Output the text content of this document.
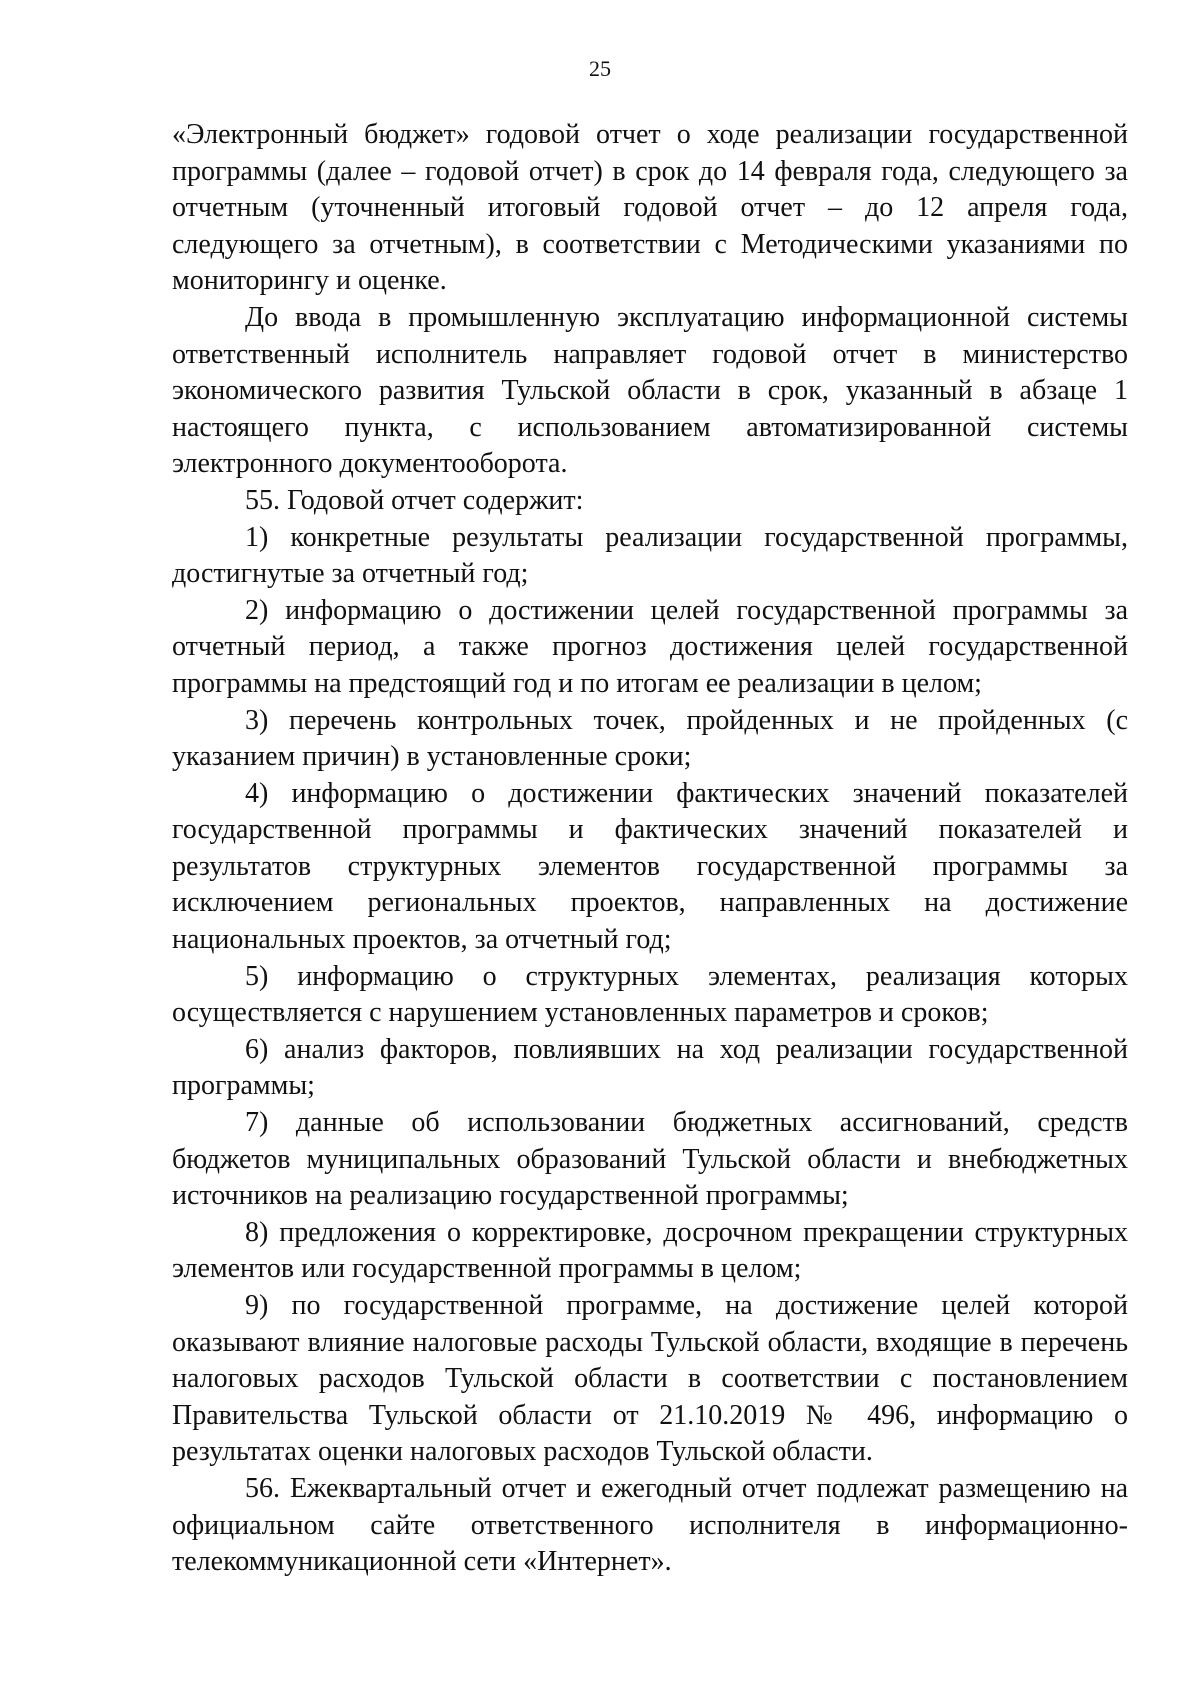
25

«Электронный бюджет» годовой отчет о ходе реализации государственной программы (далее – годовой отчет) в срок до 14 февраля года, следующего за отчетным (уточненный итоговый годовой отчет – до 12 апреля года, следующего за отчетным), в соответствии с Методическими указаниями по мониторингу и оценке.

До ввода в промышленную эксплуатацию информационной системы ответственный исполнитель направляет годовой отчет в министерство экономического развития Тульской области в срок, указанный в абзаце 1 настоящего пункта, с использованием автоматизированной системы электронного документооборота.

55. Годовой отчет содержит:

1) конкретные результаты реализации государственной программы, достигнутые за отчетный год;

2) информацию о достижении целей государственной программы за отчетный период, а также прогноз достижения целей государственной программы на предстоящий год и по итогам ее реализации в целом;

3) перечень контрольных точек, пройденных и не пройденных (с указанием причин) в установленные сроки;

4) информацию о достижении фактических значений показателей государственной программы и фактических значений показателей и результатов структурных элементов государственной программы за исключением региональных проектов, направленных на достижение национальных проектов, за отчетный год;

5) информацию о структурных элементах, реализация которых осуществляется с нарушением установленных параметров и сроков;

6) анализ факторов, повлиявших на ход реализации государственной программы;

7) данные об использовании бюджетных ассигнований, средств бюджетов муниципальных образований Тульской области и внебюджетных источников на реализацию государственной программы;

8) предложения о корректировке, досрочном прекращении структурных элементов или государственной программы в целом;

9) по государственной программе, на достижение целей которой оказывают влияние налоговые расходы Тульской области, входящие в перечень налоговых расходов Тульской области в соответствии с постановлением Правительства Тульской области от 21.10.2019 № 496, информацию о результатах оценки налоговых расходов Тульской области.

56. Ежеквартальный отчет и ежегодный отчет подлежат размещению на официальном сайте ответственного исполнителя в информационно-телекоммуникационной сети «Интернет».
